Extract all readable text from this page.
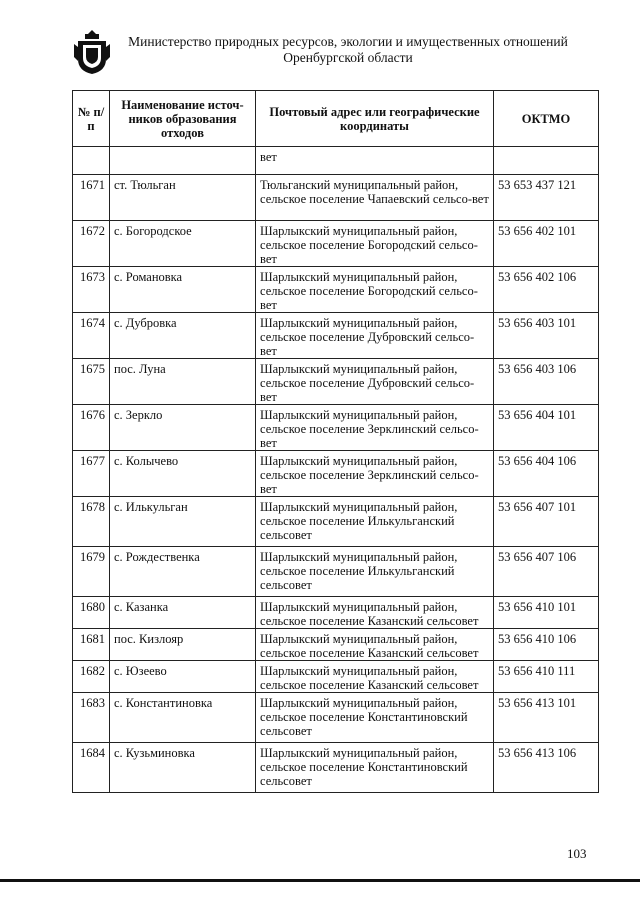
Министерство природных ресурсов, экологии и имущественных отношений
Оренбургской области
№ п/п	Наименование источ-ников образования отходов	Почтовый адрес или географические координаты	ОКТМО
		вет	
1671	ст. Тюльган	Тюльганский муниципальный район, сельское поселение Чапаевский сельсо-вет	53 653 437 121
1672	с. Богородское	Шарлыкский муниципальный район, сельское поселение Богородский сельсо-вет	53 656 402 101
1673	с. Романовка	Шарлыкский муниципальный район, сельское поселение Богородский сельсо-вет	53 656 402 106
1674	с. Дубровка	Шарлыкский муниципальный район, сельское поселение Дубровский сельсо-вет	53 656 403 101
1675	пос. Луна	Шарлыкский муниципальный район, сельское поселение Дубровский сельсо-вет	53 656 403 106
1676	с. Зеркло	Шарлыкский муниципальный район, сельское поселение Зерклинский сельсо-вет	53 656 404 101
1677	с. Колычево	Шарлыкский муниципальный район, сельское поселение Зерклинский сельсо-вет	53 656 404 106
1678	с. Илькульган	Шарлыкский муниципальный район, сельское поселение Илькульганский сельсовет	53 656 407 101
1679	с. Рождественка	Шарлыкский муниципальный район, сельское поселение Илькульганский сельсовет	53 656 407 106
1680	с. Казанка	Шарлыкский муниципальный район, сельское поселение Казанский сельсовет	53 656 410 101
1681	пос. Кизлояр	Шарлыкский муниципальный район, сельское поселение Казанский сельсовет	53 656 410 106
1682	с. Юзеево	Шарлыкский муниципальный район, сельское поселение Казанский сельсовет	53 656 410 111
1683	с. Константиновка	Шарлыкский муниципальный район, сельское поселение Константиновский сельсовет	53 656 413 101
1684	с. Кузьминовка	Шарлыкский муниципальный район, сельское поселение Константиновский сельсовет	53 656 413 106
103
